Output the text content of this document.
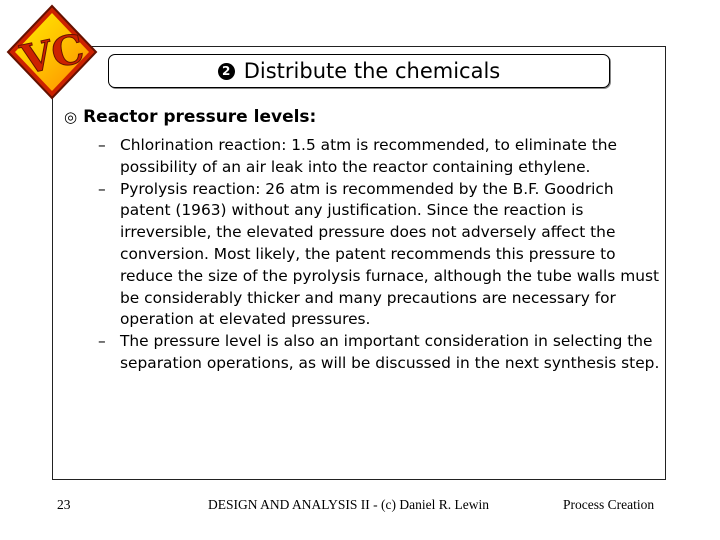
VC	2 Distribute the chemicals
◎ Reactor pressure levels:
– Chlorination reaction: 1.5 atm is recommended, to eliminate the possibility of an air leak into the reactor containing ethylene.
– Pyrolysis reaction: 26 atm is recommended by the B.F. Goodrich patent (1963) without any justification. Since the reaction is irreversible, the elevated pressure does not adversely affect the conversion. Most likely, the patent recommends this pressure to reduce the size of the pyrolysis furnace, although the tube walls must be considerably thicker and many precautions are necessary for operation at elevated pressures.
– The pressure level is also an important consideration in selecting the separation operations, as will be discussed in the next synthesis step.
23	DESIGN AND ANALYSIS II - (c) Daniel R. Lewin	Process Creation
